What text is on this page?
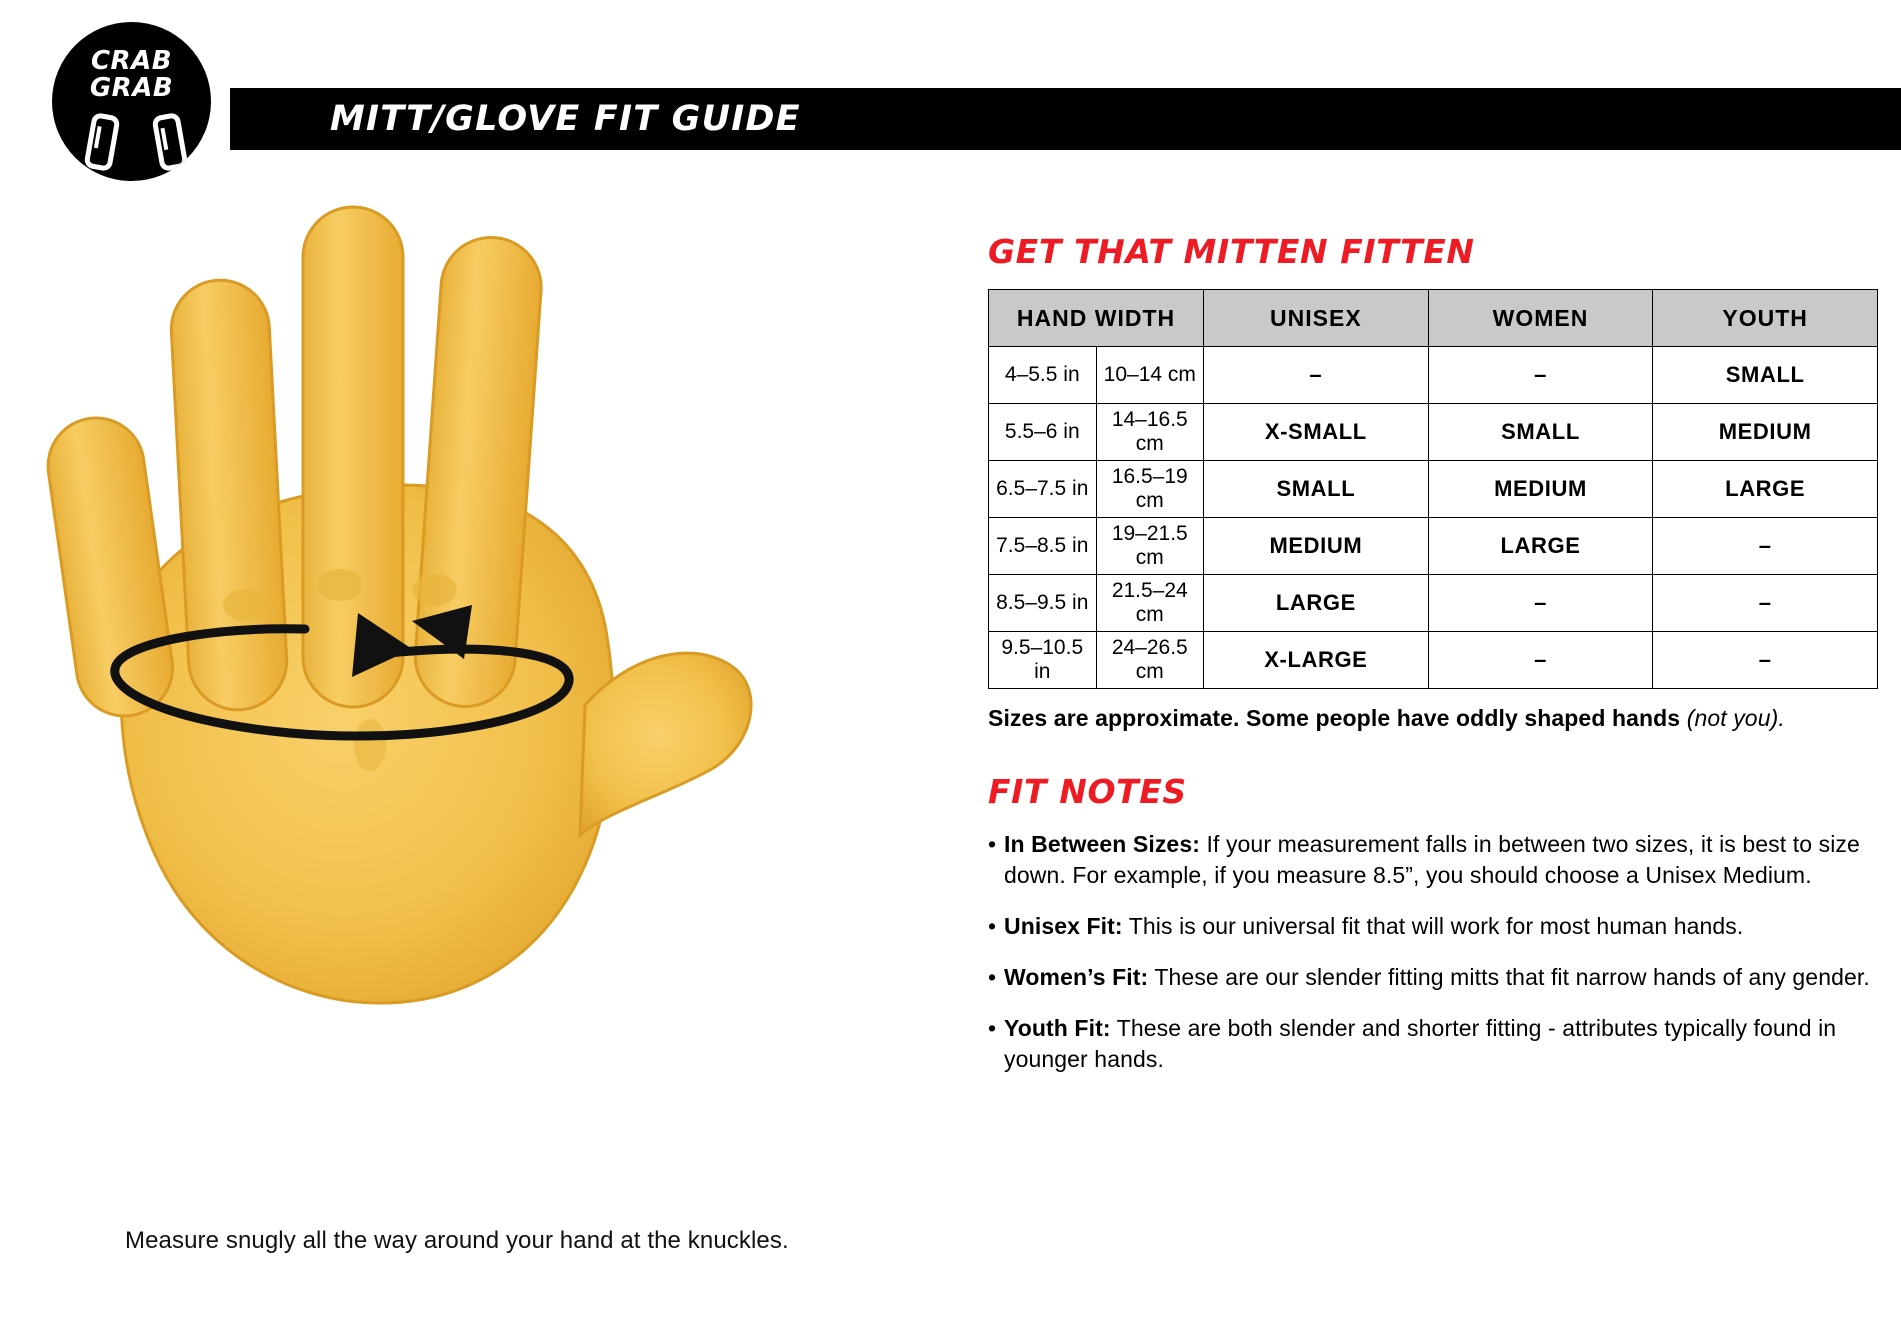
CRAB
GRAB
MITT/GLOVE FIT GUIDE
Measure snugly all the way around your hand at the knuckles.
GET THAT MITTEN FITTEN
HAND WIDTH		UNISEX	WOMEN	YOUTH
4–5.5 in	10–14 cm	–	–	SMALL
5.5–6 in	14–16.5 cm	X-SMALL	SMALL	MEDIUM
6.5–7.5 in	16.5–19 cm	SMALL	MEDIUM	LARGE
7.5–8.5 in	19–21.5 cm	MEDIUM	LARGE	–
8.5–9.5 in	21.5–24 cm	LARGE	–	–
9.5–10.5 in	24–26.5 cm	X-LARGE	–	–
Sizes are approximate. Some people have oddly shaped hands (not you).
FIT NOTES
• In Between Sizes: If your measurement falls in between two sizes, it is best to size down. For example, if you measure 8.5”, you should choose a Unisex Medium.
• Unisex Fit: This is our universal fit that will work for most human hands.
• Women’s Fit: These are our slender fitting mitts that fit narrow hands of any gender.
• Youth Fit: These are both slender and shorter fitting - attributes typically found in younger hands.
